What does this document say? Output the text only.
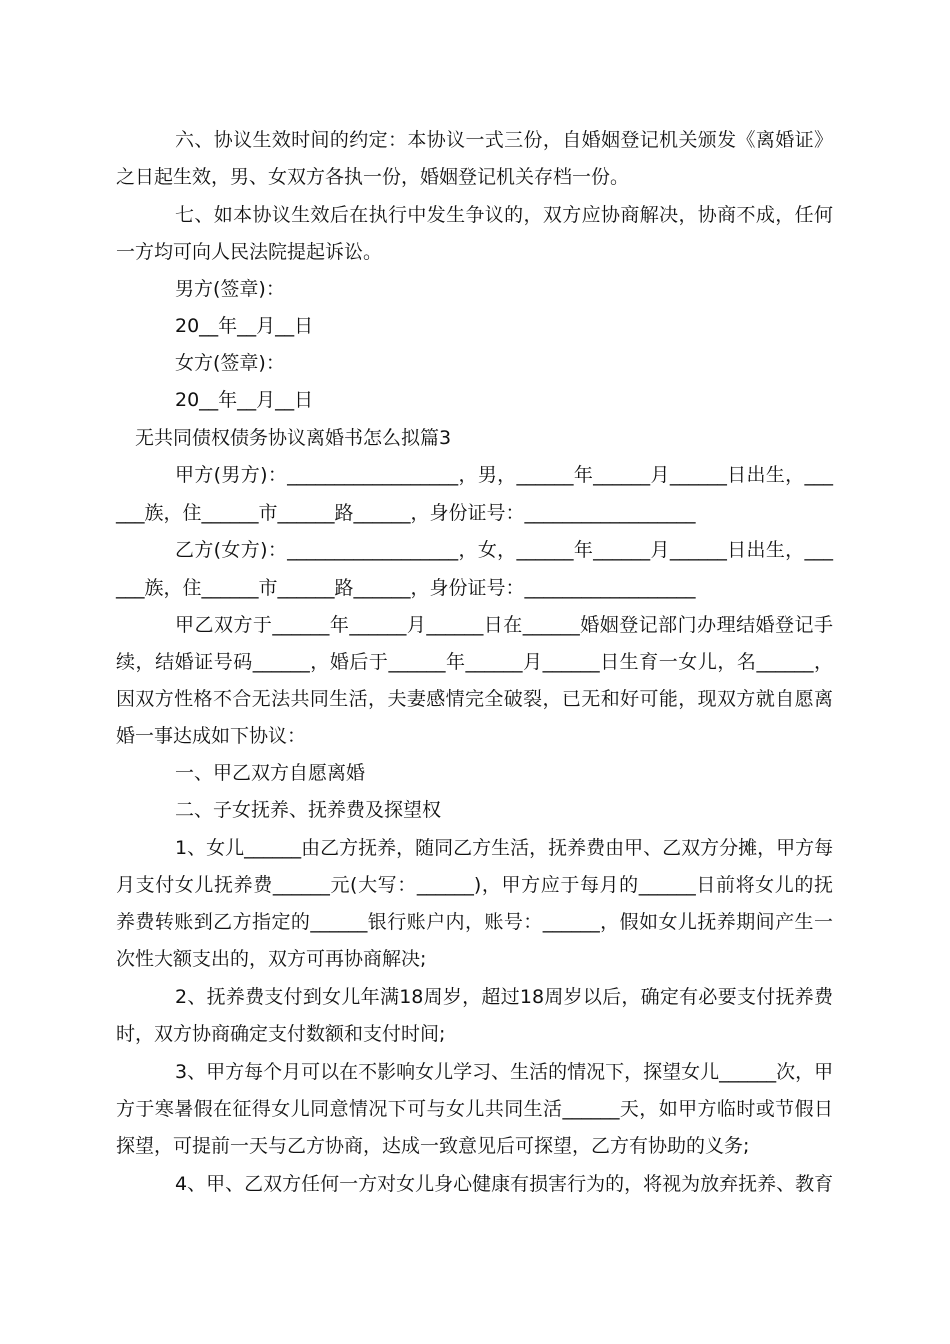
六、协议生效时间的约定：本协议一式三份，自婚姻登记机关颁发《离婚证》
之日起生效，男、女双方各执一份，婚姻登记机关存档一份。
七、如本协议生效后在执行中发生争议的，双方应协商解决，协商不成，任何
一方均可向人民法院提起诉讼。
男方(签章)：
20__年__月__日
女方(签章)：
20__年__月__日
无共同债权债务协议离婚书怎么拟篇3
甲方(男方)：__________________，男，______年______月______日出生，___
___族，住______市______路______，身份证号：__________________
乙方(女方)：__________________，女，______年______月______日出生，___
___族，住______市______路______，身份证号：__________________
甲乙双方于______年______月______日在______婚姻登记部门办理结婚登记手
续，结婚证号码______，婚后于______年______月______日生育一女儿，名______，
因双方性格不合无法共同生活，夫妻感情完全破裂，已无和好可能，现双方就自愿离
婚一事达成如下协议：
一、甲乙双方自愿离婚
二、子女抚养、抚养费及探望权
1、女儿______由乙方抚养，随同乙方生活，抚养费由甲、乙双方分摊，甲方每
月支付女儿抚养费______元(大写：______)，甲方应于每月的______日前将女儿的抚
养费转账到乙方指定的______银行账户内，账号：______，假如女儿抚养期间产生一
次性大额支出的，双方可再协商解决;
2、抚养费支付到女儿年满18周岁，超过18周岁以后，确定有必要支付抚养费
时，双方协商确定支付数额和支付时间;
3、甲方每个月可以在不影响女儿学习、生活的情况下，探望女儿______次，甲
方于寒暑假在征得女儿同意情况下可与女儿共同生活______天，如甲方临时或节假日
探望，可提前一天与乙方协商，达成一致意见后可探望，乙方有协助的义务;
4、甲、乙双方任何一方对女儿身心健康有损害行为的，将视为放弃抚养、教育
